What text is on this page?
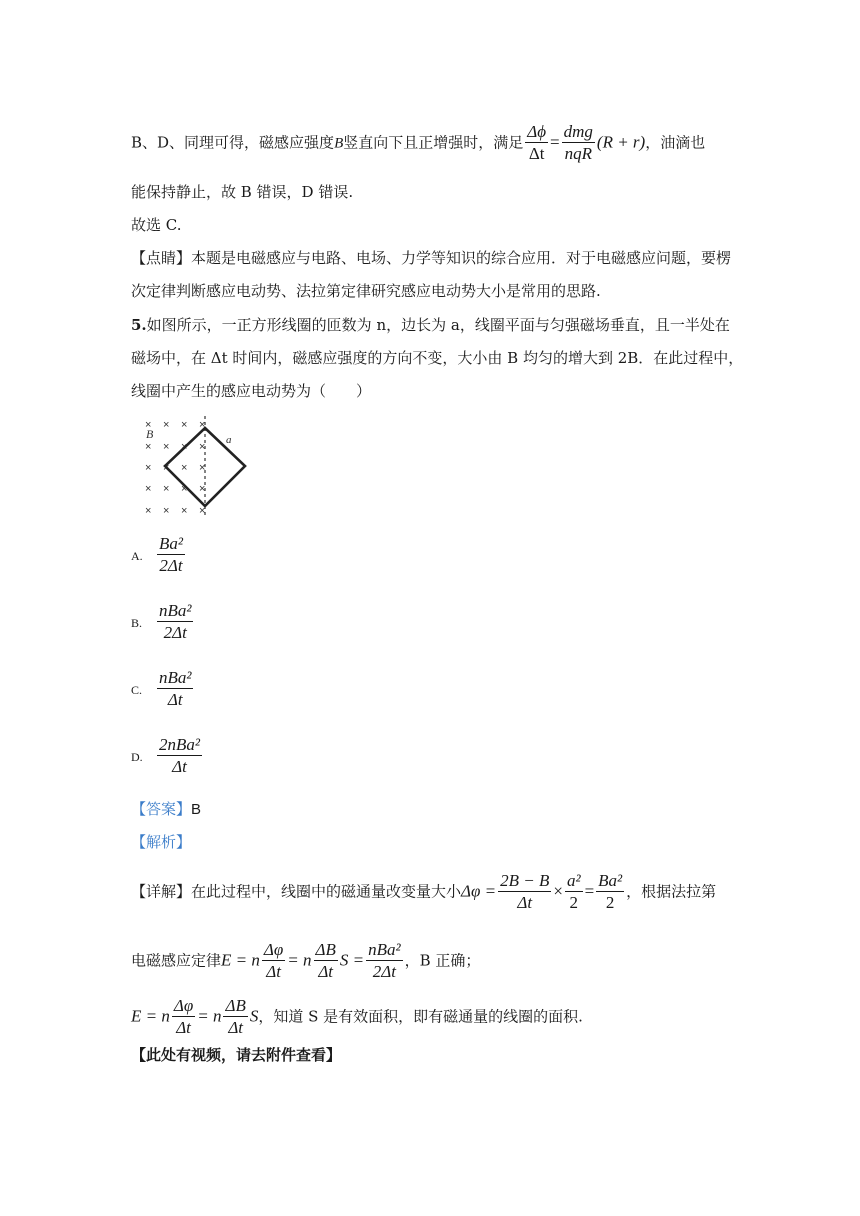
B、D、同理可得，磁感应强度B竖直向下且正增强时，满足 $\frac{\Delta\phi}{\Delta t} = \frac{\text{dmg}}{\text{nqR}} (R + r)$，油滴也
能保持静止，故 B 错误，D 错误.
故选 C.
【点睛】本题是电磁感应与电路、电场、力学等知识的综合应用．对于电磁感应问题，要楞
次定律判断感应电动势、法拉第定律研究感应电动势大小是常用的思路.
5.如图所示，一正方形线圈的匝数为 n，边长为 a，线圈平面与匀强磁场垂直，且一半处在
磁场中，在 Δt 时间内，磁感应强度的方向不变，大小由 B 均匀的增大到 2B．在此过程中，
线圈中产生的感应电动势为（　　）
× × × ×
× × × ×
× × × ×
× × × ×
× × × ×
B	a
A. $\frac{\text{Ba²}}{2\Delta t}$
B. $\frac{\text{nBa²}}{2\Delta t}$
C. $\frac{\text{nBa²}}{\Delta t}$
D. $\frac{\text{2nBa²}}{\Delta t}$
【答案】B
【解析】
【详解】在此过程中，线圈中的磁通量改变量大小$\Delta\varphi = \frac{2B - B}{\Delta t} \times \frac{\text{a²}}{2} = \frac{\text{Ba²}}{2}$ ，根据法拉第
电磁感应定律E = n $\frac{\Delta\varphi}{\Delta t} = n \frac{\Delta B}{\Delta t}$ $S = \frac{\text{nBa²}}{2\Delta t}$ ，B 正确；
E = n $\frac{\Delta\varphi}{\Delta t} = n \frac{\Delta B}{\Delta t}$ S，知道 S 是有效面积，即有磁通量的线圈的面积.
【此处有视频，请去附件查看】
